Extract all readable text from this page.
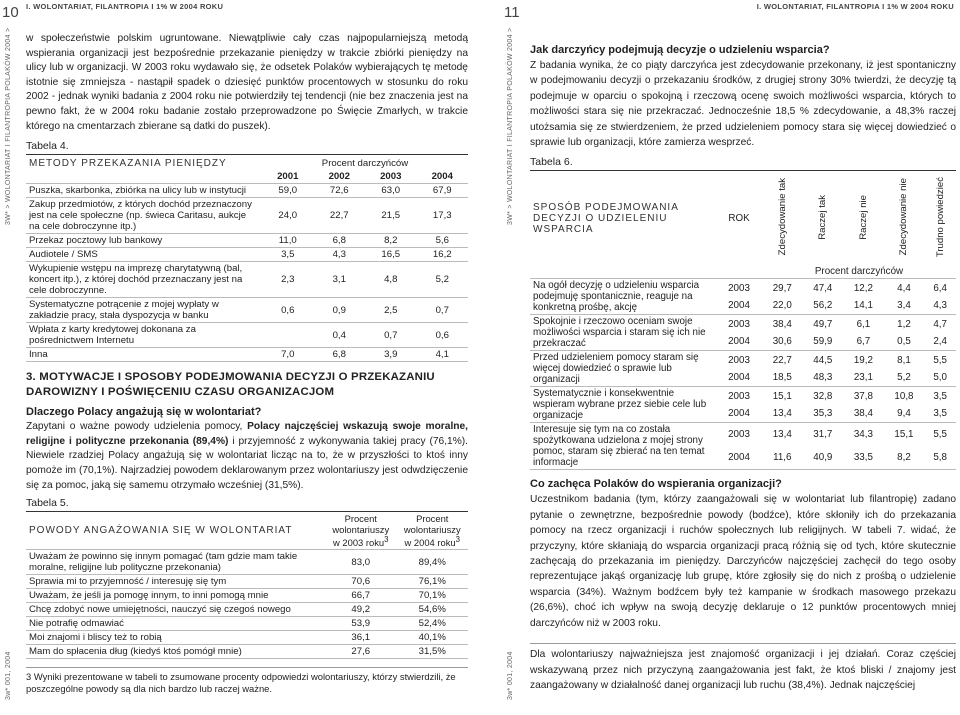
10
3W* > WOLONTARIAT I FILANTROPIA POLAKÓW 2004 >
3w* 001, 2004
I. WOLONTARIAT, FILANTROPIA I 1% W 2004 ROKU

w społeczeństwie polskim ugruntowane. Niewątpliwie cały czas najpopularniejszą metodą wspierania organizacji jest bezpośrednie przekazanie pieniędzy w trakcie zbiórki pieniędzy na ulicy lub w organizacji. W 2003 roku wydawało się, że odsetek Polaków wybierających tę metodę istotnie się zmniejsza - nastąpił spadek o dziesięć punktów procentowych w stosunku do roku 2002 - jednak wyniki badania z 2004 roku nie potwierdziły tej tendencji (nie bez znaczenia jest na pewno fakt, że w 2004 roku badanie zostało przeprowadzone po Święcie Zmarłych, w trakcie którego na cmentarzach zbierane są datki do puszek).

Tabela 4.
METODY PRZEKAZANIA PIENIĘDZY	Procent darczyńców			
	2001	2002	2003	2004
Puszka, skarbonka, zbiórka na ulicy lub w instytucji	59,0	72,6	63,0	67,9
Zakup przedmiotów, z których dochód przeznaczony jest na cele społeczne (np. świeca Caritasu, aukcje na cele dobroczynne itp.)	24,0	22,7	21,5	17,3
Przekaz pocztowy lub bankowy	11,0	6,8	8,2	5,6
Audiotele / SMS	3,5	4,3	16,5	16,2
Wykupienie wstępu na imprezę charytatywną (bal, koncert itp.), z której dochód przeznaczany jest na cele dobroczynne.	2,3	3,1	4,8	5,2
Systematyczne potrącenie z mojej wypłaty w zakładzie pracy, stała dyspozycja w banku	0,6	0,9	2,5	0,7
Wpłata z karty kredytowej dokonana za pośrednictwem Internetu		0,4	0,7	0,6
Inna	7,0	6,8	3,9	4,1
3. MOTYWACJE I SPOSOBY PODEJMOWANIA DECYZJI O PRZEKAZANIU DAROWIZNY I POŚWIĘCENIU CZASU ORGANIZACJOM
Dlaczego Polacy angażują się w wolontariat?

Zapytani o ważne powody udzielenia pomocy, Polacy najczęściej wskazują swoje moralne, religijne i polityczne przekonania (89,4%) i przyjemność z wykonywania takiej pracy (76,1%). Niewiele rzadziej Polacy angażują się w wolontariat licząc na to, że w przyszłości to ktoś inny pomoże im (70,1%). Najrzadziej powodem deklarowanym przez wolontariuszy jest odwdzięczenie się za pomoc, jaką się samemu otrzymało wcześniej (31,5%).

Tabela 5.
POWODY ANGAŻOWANIA SIĘ W WOLONTARIAT	Procent wolontariuszy w 2003 roku$^3$	Procent wolontariuszy w 2004 roku$^3$
Uważam że powinno się innym pomagać (tam gdzie mam takie moralne, religijne lub polityczne przekonania)	83,0	89,4%
Sprawia mi to przyjemność / interesuję się tym	70,6	76,1%
Uważam, że jeśli ja pomogę innym, to inni pomogą mnie	66,7	70,1%
Chcę zdobyć nowe umiejętności, nauczyć się czegoś nowego	49,2	54,6%
Nie potrafię odmawiać	53,9	52,4%
Moi znajomi i bliscy też to robią	36,1	40,1%
Mam do spłacenia dług (kiedyś ktoś pomógł mnie)	27,6	31,5%
3 Wyniki prezentowane w tabeli to zsumowane procenty odpowiedzi wolontariuszy, którzy stwierdzili, że poszczególne powody są dla nich bardzo lub raczej ważne.
11
3W* > WOLONTARIAT I FILANTROPIA POLAKÓW 2004 >
3w* 001, 2004
I. WOLONTARIAT, FILANTROPIA I 1% W 2004 ROKU
Jak darczyńcy podejmują decyzje o udzieleniu wsparcia?

Z badania wynika, że co piąty darczyńca jest zdecydowanie przekonany, iż jest spontaniczny w podejmowaniu decyzji o przekazaniu środków, z drugiej strony 30% twierdzi, że decyzję tą podejmuje w oparciu o spokojną i rzeczową ocenę swoich możliwości wsparcia, których to możliwości stara się nie przekraczać. Jednocześnie 18,5 % zdecydowanie, a 48,3% raczej utożsamia się ze stwierdzeniem, że przed udzieleniem pomocy stara się więcej dowiedzieć o sprawie lub organizacji, które zamierza wesprzeć.

Tabela 6.
SPOSÓB PODEJMOWANIA DECYZJI O UDZIELENIU WSPARCIA	ROK	Zdecydowanie tak	Raczej tak	Raczej nie	Zdecydowanie nie	Trudno powiedzieć
		Procent darczyńców				
Na ogół decyzję o udzieleniu wsparcia podejmuję spontanicznie, reaguje na konkretną prośbę, akcję	2003	29,7	47,4	12,2	4,4	6,4
	2004	22,0	56,2	14,1	3,4	4,3
Spokojnie i rzeczowo oceniam swoje możliwości wsparcia i staram się ich nie przekraczać	2003	38,4	49,7	6,1	1,2	4,7
	2004	30,6	59,9	6,7	0,5	2,4
Przed udzieleniem pomocy staram się więcej dowiedzieć o sprawie lub organizacji	2003	22,7	44,5	19,2	8,1	5,5
	2004	18,5	48,3	23,1	5,2	5,0
Systematycznie i konsekwentnie wspieram wybrane przez siebie cele lub organizacje	2003	15,1	32,8	37,8	10,8	3,5
	2004	13,4	35,3	38,4	9,4	3,5
Interesuje się tym na co została spożytkowana udzielona z mojej strony pomoc, staram się zbierać na ten temat informacje	2003	13,4	31,7	34,3	15,1	5,5
	2004	11,6	40,9	33,5	8,2	5,8
Co zachęca Polaków do wspierania organizacji?

Uczestnikom badania (tym, którzy zaangażowali się w wolontariat lub filantropię) zadano pytanie o zewnętrzne, bezpośrednie powody (bodźce), które skłoniły ich do przekazania pomocy na rzecz organizacji i ruchów społecznych lub religijnych. W tabeli 7. widać, że przyczyny, które skłaniają do wsparcia organizacji pracą różnią się od tych, które skutecznie zachęcają do przekazania im pieniędzy. Darczyńców najczęściej zachęcił do tego osoby reprezentujące jakąś organizację lub grupę, które zgłosiły się do nich z prośbą o udzielenie wsparcia (34%). Ważnym bodźcem były też kampanie w środkach masowego przekazu (26,6%), choć ich wpływ na swoją decyzję deklaruje o 12 punktów procentowych mniej darczyńców niż w 2003 roku.

Dla wolontariuszy najważniejsza jest znajomość organizacji i jej działań. Coraz częściej wskazywaną przez nich przyczyną zaangażowania jest fakt, że ktoś bliski / znajomy jest zaangażowany w działalność danej organizacji lub ruchu (38,4%). Jednak najczęściej
